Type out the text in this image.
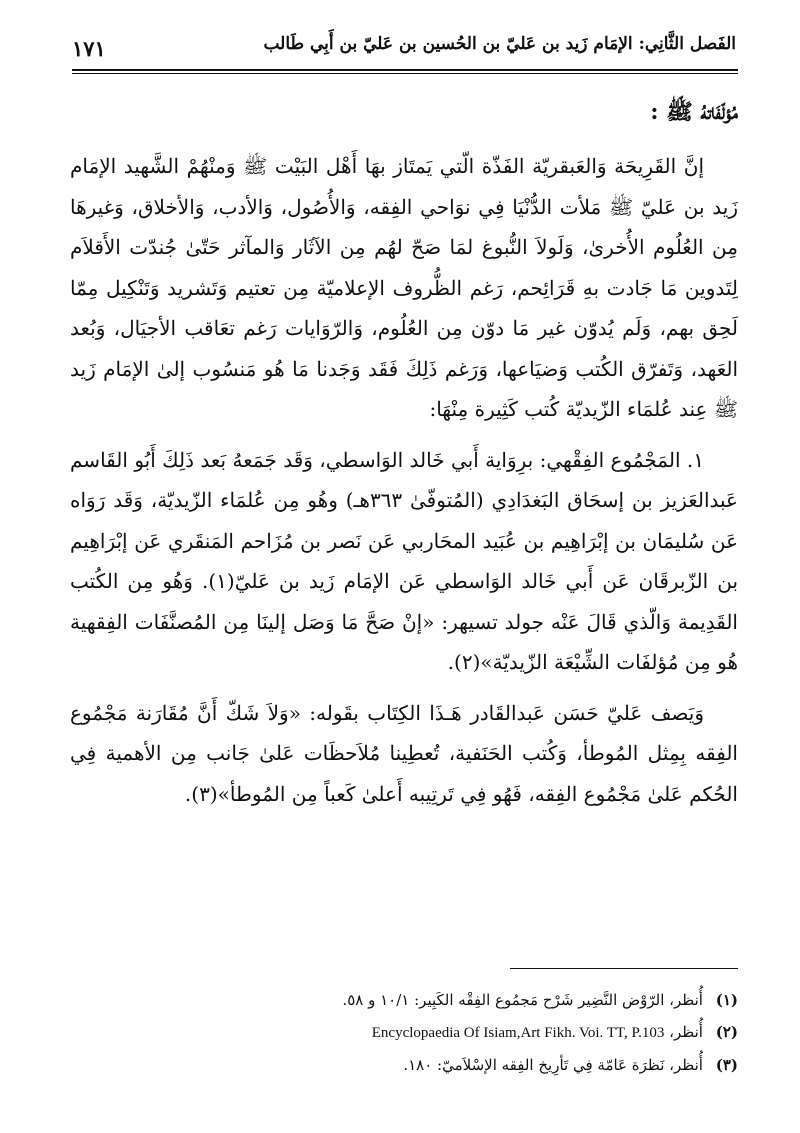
الفَصل الثَّانِي: الإمَام زَيد بن عَليّ بن الحُسين بن عَليّ بن أَبِي طَالب
١٧١
مُؤلّفَاتهُ ﷺ :

إنَّ القَرِيحَة وَالعَبقريّة الفَذّة الّتي يَمتَاز بهَا أَهْل البَيْت ﷺ وَمنْهُمْ الشَّهيد الإمَام زَيد بن عَليّ ﷺ مَلأت الدُّنْيَا فِي نوَاحي الفِقه، وَالأُصُول، وَالأدب، وَالأخلاق، وَغيرهَا مِن العُلُوم الأُخرىٰ، وَلَولاَ النُّبوغ لمَا صَحّ لهُم مِن الآثَار وَالمآثر حَتّىٰ جُندّت الأَقلاَم لِتَدوين مَا جَادت بهِ قَرَائِحم، رَغم الظُّروف الإعلاميّة مِن تعتيم وَتَشريد وَتَنْكِيل مِمّا لَحِق بهم، وَلَم يُدوّن غير مَا دوّن مِن العُلُوم، وَالرّوَايات رَغم تعَاقب الأجيَال، وَبُعد العَهد، وَتَفرّق الكُتب وَضيَاعها، وَرَغم ذَلِكَ فَقَد وَجَدنا مَا هُو مَنسُوب إلىٰ الإمَام زَيد ﷺ عِند عُلمَاء الزّيديّة كُتب كَثِيرة مِنْهَا:

١. المَجْمُوع الفِقْهي: برِوَاية أَبي خَالد الوَاسطي، وَقَد جَمَعهُ بَعد ذَلِكَ أَبُو القَاسم عَبدالعَزيز بن إسحَاق البَغدَادِي (المُتوفّىٰ ٣٦٣هـ) وهُو مِن عُلمَاء الزّيديّة، وَقَد رَوَاه عَن سُليمَان بن إبْرَاهِيم بن عُبَيد المحَاربي عَن نَصر بن مُزَاحم المَنقَري عَن إبْرَاهِيم بن الزّبرقَان عَن أَبي خَالد الوَاسطي عَن الإمَام زَيد بن عَليّ(١). وَهُو مِن الكُتب القَدِيمة وَالّذي قَالَ عَنْه جولد تسيهر: «إنْ صَحَّ مَا وَصَل إلينَا مِن المُصنَّفَات الفِقهية هُو مِن مُؤلفَات الشِّيْعَة الزّيديّة»(٢).

وَيَصف عَليّ حَسَن عَبدالقَادر هَـذَا الكِتَاب بقَوله: «وَلاَ شَكّ أَنَّ مُقَارَنة مَجْمُوع الفِقه بِمِثل المُوطأ، وَكُتب الحَنَفية، تُعطِينا مُلاَحظَات عَلىٰ جَانب مِن الأهمية فِي الحُكم عَلىٰ مَجْمُوع الفِقه، فَهُو فِي تَرتِيبه أَعلىٰ كَعباً مِن المُوطأ»(٣).

(١) أُنظر، الرّوْض النَّضِير شَرْح مَجمُوع الفِقْه الكَبِير: ١٠/١ و ٥٨.
(٢) أُنظر، Encyclopaedia Of Isiam,Art Fikh. Voi. TT, P.103
(٣) أُنظر، نَظرَة عَامّة فِي تَأرِيخ الفِقه الإسْلاَميّ: ١٨٠.
